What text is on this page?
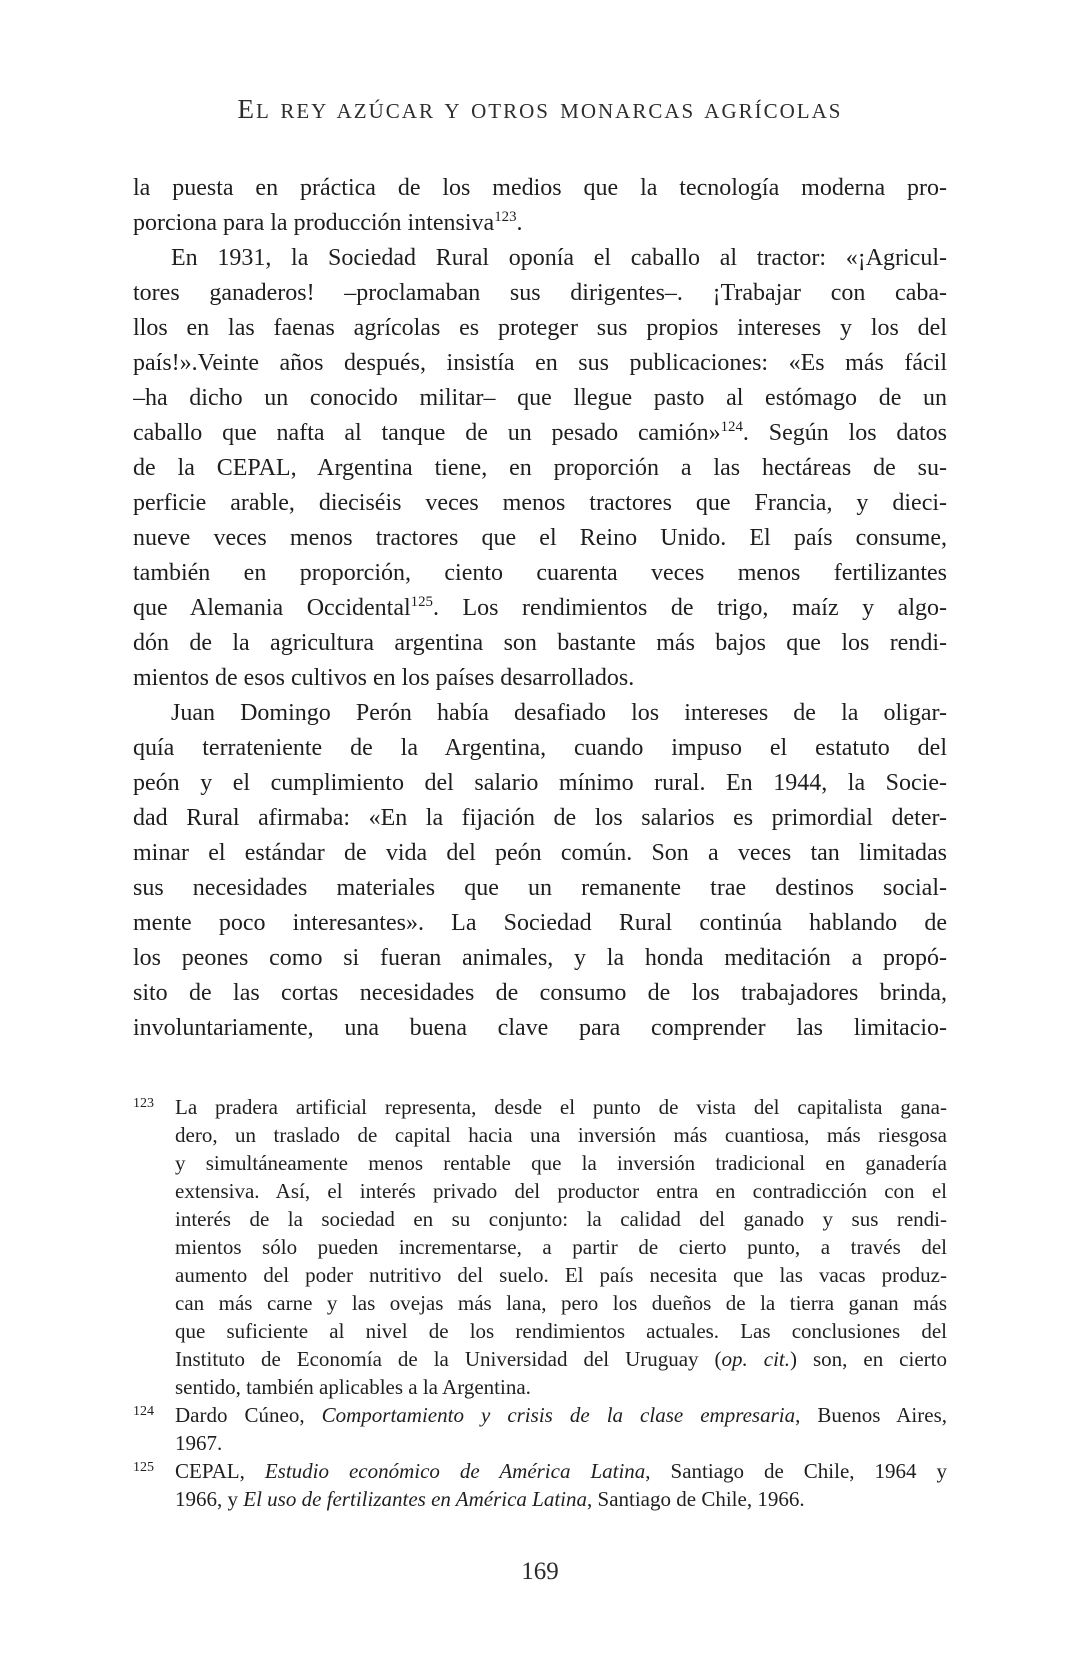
EL REY AZÚCAR Y OTROS MONARCAS AGRÍCOLAS
la puesta en práctica de los medios que la tecnología moderna pro-
porciona para la producción intensiva$^{123}$.
En 1931, la Sociedad Rural oponía el caballo al tractor: «¡Agricul-
tores ganaderos! –proclamaban sus dirigentes–. ¡Trabajar con caba-
llos en las faenas agrícolas es proteger sus propios intereses y los del
país!».Veinte años después, insistía en sus publicaciones: «Es más fácil
–ha dicho un conocido militar– que llegue pasto al estómago de un
caballo que nafta al tanque de un pesado camión»$^{124}$. Según los datos
de la CEPAL, Argentina tiene, en proporción a las hectáreas de su-
perficie arable, dieciséis veces menos tractores que Francia, y dieci-
nueve veces menos tractores que el Reino Unido. El país consume,
también en proporción, ciento cuarenta veces menos fertilizantes
que Alemania Occidental$^{125}$. Los rendimientos de trigo, maíz y algo-
dón de la agricultura argentina son bastante más bajos que los rendi-
mientos de esos cultivos en los países desarrollados.
Juan Domingo Perón había desafiado los intereses de la oligar-
quía terrateniente de la Argentina, cuando impuso el estatuto del
peón y el cumplimiento del salario mínimo rural. En 1944, la Socie-
dad Rural afirmaba: «En la fijación de los salarios es primordial deter-
minar el estándar de vida del peón común. Son a veces tan limitadas
sus necesidades materiales que un remanente trae destinos social-
mente poco interesantes». La Sociedad Rural continúa hablando de
los peones como si fueran animales, y la honda meditación a propó-
sito de las cortas necesidades de consumo de los trabajadores brinda,
involuntariamente, una buena clave para comprender las limitacio-
123	La pradera artificial representa, desde el punto de vista del capitalista gana-
dero, un traslado de capital hacia una inversión más cuantiosa, más riesgosa
y simultáneamente menos rentable que la inversión tradicional en ganadería
extensiva. Así, el interés privado del productor entra en contradicción con el
interés de la sociedad en su conjunto: la calidad del ganado y sus rendi-
mientos sólo pueden incrementarse, a partir de cierto punto, a través del
aumento del poder nutritivo del suelo. El país necesita que las vacas produz-
can más carne y las ovejas más lana, pero los dueños de la tierra ganan más
que suficiente al nivel de los rendimientos actuales. Las conclusiones del
Instituto de Economía de la Universidad del Uruguay (op. cit.) son, en cierto
sentido, también aplicables a la Argentina.
124	Dardo Cúneo, Comportamiento y crisis de la clase empresaria, Buenos Aires,
1967.
125	CEPAL, Estudio económico de América Latina, Santiago de Chile, 1964 y
1966, y El uso de fertilizantes en América Latina, Santiago de Chile, 1966.
169
